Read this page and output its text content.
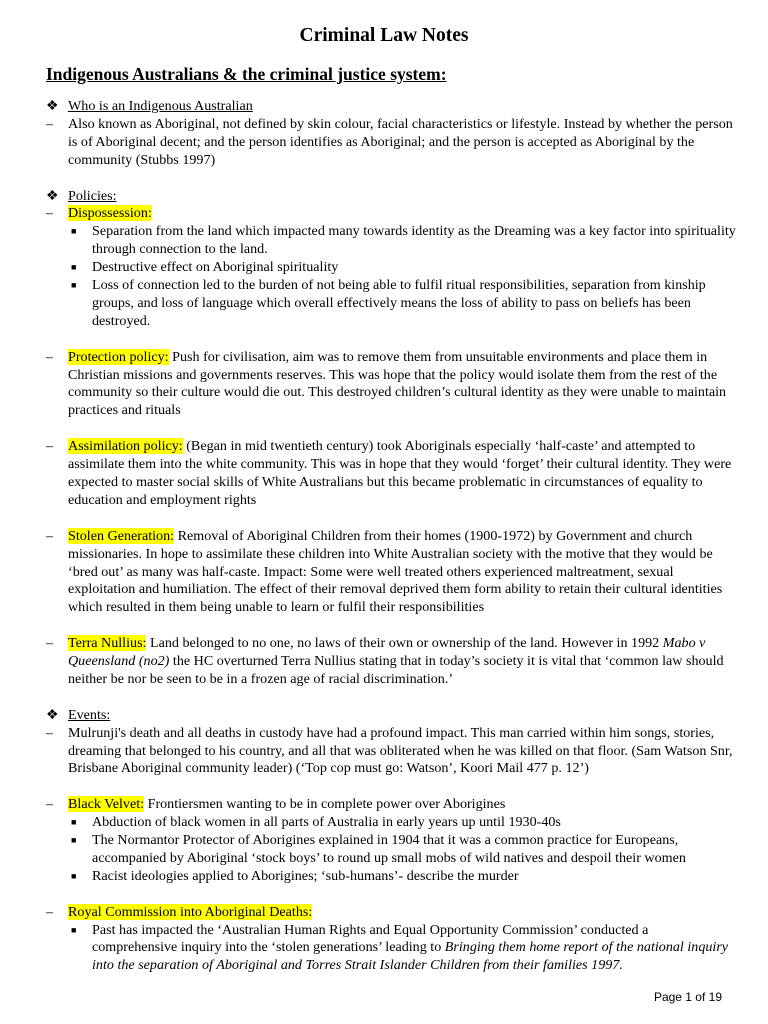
Criminal Law Notes
Indigenous Australians & the criminal justice system:
❖ Who is an Indigenous Australian
– Also known as Aboriginal, not defined by skin colour, facial characteristics or lifestyle. Instead by whether the person is of Aboriginal decent; and the person identifies as Aboriginal; and the person is accepted as Aboriginal by the community (Stubbs 1997)
❖ Policies:
– Dispossession:
■ Separation from the land which impacted many towards identity as the Dreaming was a key factor into spirituality through connection to the land.
■ Destructive effect on Aboriginal spirituality
■ Loss of connection led to the burden of not being able to fulfil ritual responsibilities, separation from kinship groups, and loss of language which overall effectively means the loss of ability to pass on beliefs has been destroyed.
– Protection policy: Push for civilisation, aim was to remove them from unsuitable environments and place them in Christian missions and governments reserves. This was hope that the policy would isolate them from the rest of the community so their culture would die out. This destroyed children’s cultural identity as they were unable to maintain practices and rituals
– Assimilation policy: (Began in mid twentieth century) took Aboriginals especially ‘half-caste’ and attempted to assimilate them into the white community. This was in hope that they would ‘forget’ their cultural identity. They were expected to master social skills of White Australians but this became problematic in circumstances of equality to education and employment rights
– Stolen Generation: Removal of Aboriginal Children from their homes (1900-1972) by Government and church missionaries. In hope to assimilate these children into White Australian society with the motive that they would be ‘bred out’ as many was half-caste. Impact: Some were well treated others experienced maltreatment, sexual exploitation and humiliation. The effect of their removal deprived them form ability to retain their cultural identities which resulted in them being unable to learn or fulfil their responsibilities
– Terra Nullius: Land belonged to no one, no laws of their own or ownership of the land. However in 1992 Mabo v Queensland (no2) the HC overturned Terra Nullius stating that in today’s society it is vital that ‘common law should neither be nor be seen to be in a frozen age of racial discrimination.’
❖ Events:
– Mulrunji's death and all deaths in custody have had a profound impact. This man carried within him songs, stories, dreaming that belonged to his country, and all that was obliterated when he was killed on that floor. (Sam Watson Snr, Brisbane Aboriginal community leader) (‘Top cop must go: Watson’, Koori Mail 477 p. 12’)
– Black Velvet: Frontiersmen wanting to be in complete power over Aborigines
■ Abduction of black women in all parts of Australia in early years up until 1930-40s
■ The Normantor Protector of Aborigines explained in 1904 that it was a common practice for Europeans, accompanied by Aboriginal ‘stock boys’ to round up small mobs of wild natives and despoil their women
■ Racist ideologies applied to Aborigines; ‘sub-humans’- describe the murder
– Royal Commission into Aboriginal Deaths:
■ Past has impacted the ‘Australian Human Rights and Equal Opportunity Commission’ conducted a comprehensive inquiry into the ‘stolen generations’ leading to Bringing them home report of the national inquiry into the separation of Aboriginal and Torres Strait Islander Children from their families 1997.
Page 1 of 19
